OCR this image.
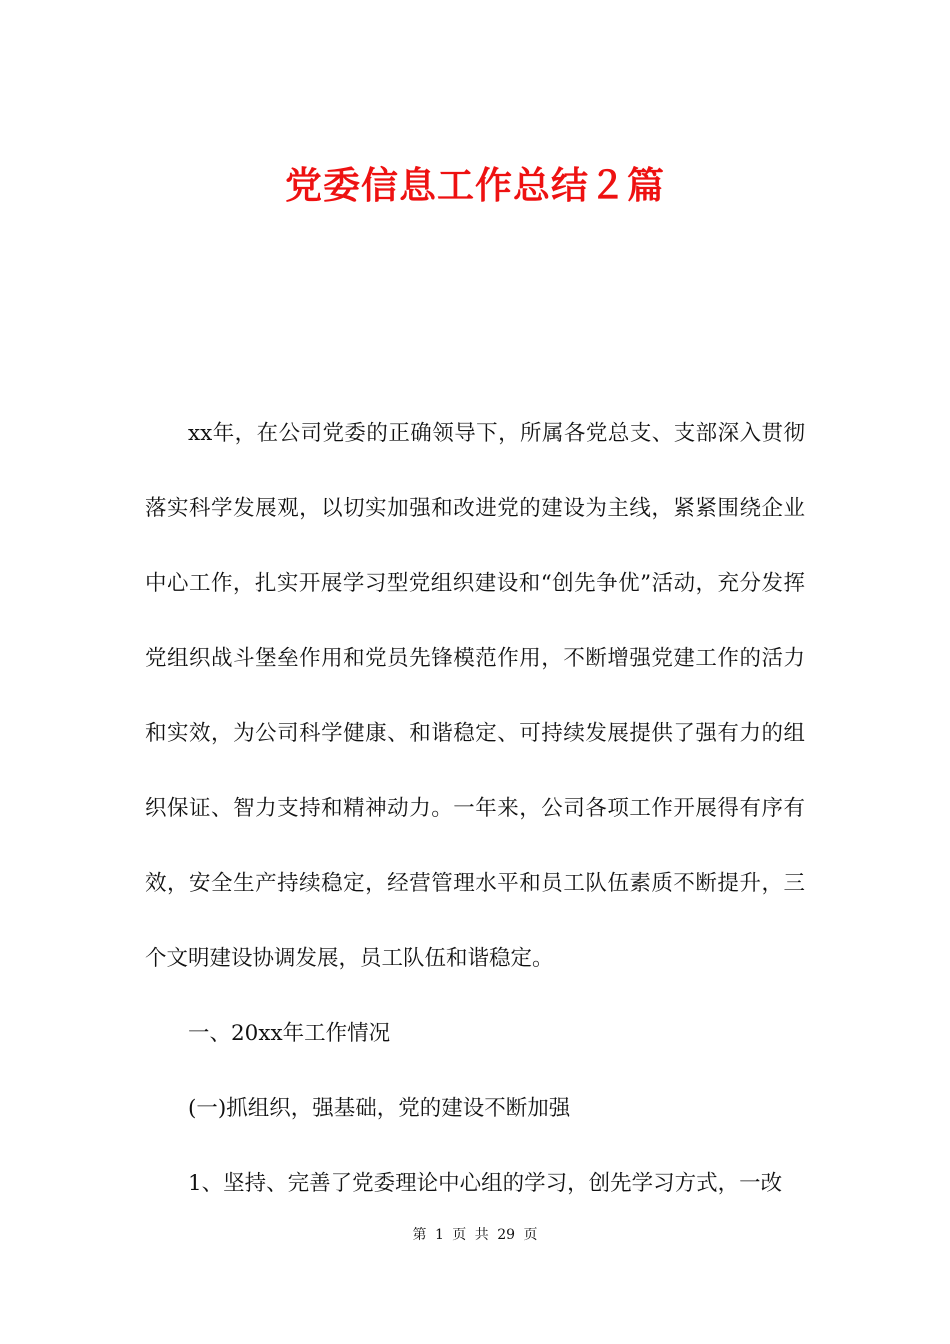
党委信息工作总结２篇

xx年，在公司党委的正确领导下，所属各党总支、支部深入贯彻落实科学发展观，以切实加强和改进党的建设为主线，紧紧围绕企业中心工作，扎实开展学习型党组织建设和“创先争优”活动，充分发挥党组织战斗堡垒作用和党员先锋模范作用，不断增强党建工作的活力和实效，为公司科学健康、和谐稳定、可持续发展提供了强有力的组织保证、智力支持和精神动力。一年来，公司各项工作开展得有序有效，安全生产持续稳定，经营管理水平和员工队伍素质不断提升，三个文明建设协调发展，员工队伍和谐稳定。

一、20xx年工作情况

(一)抓组织，强基础，党的建设不断加强

1、坚持、完善了党委理论中心组的学习，创先学习方式，一改

第 1 页 共 29 页
